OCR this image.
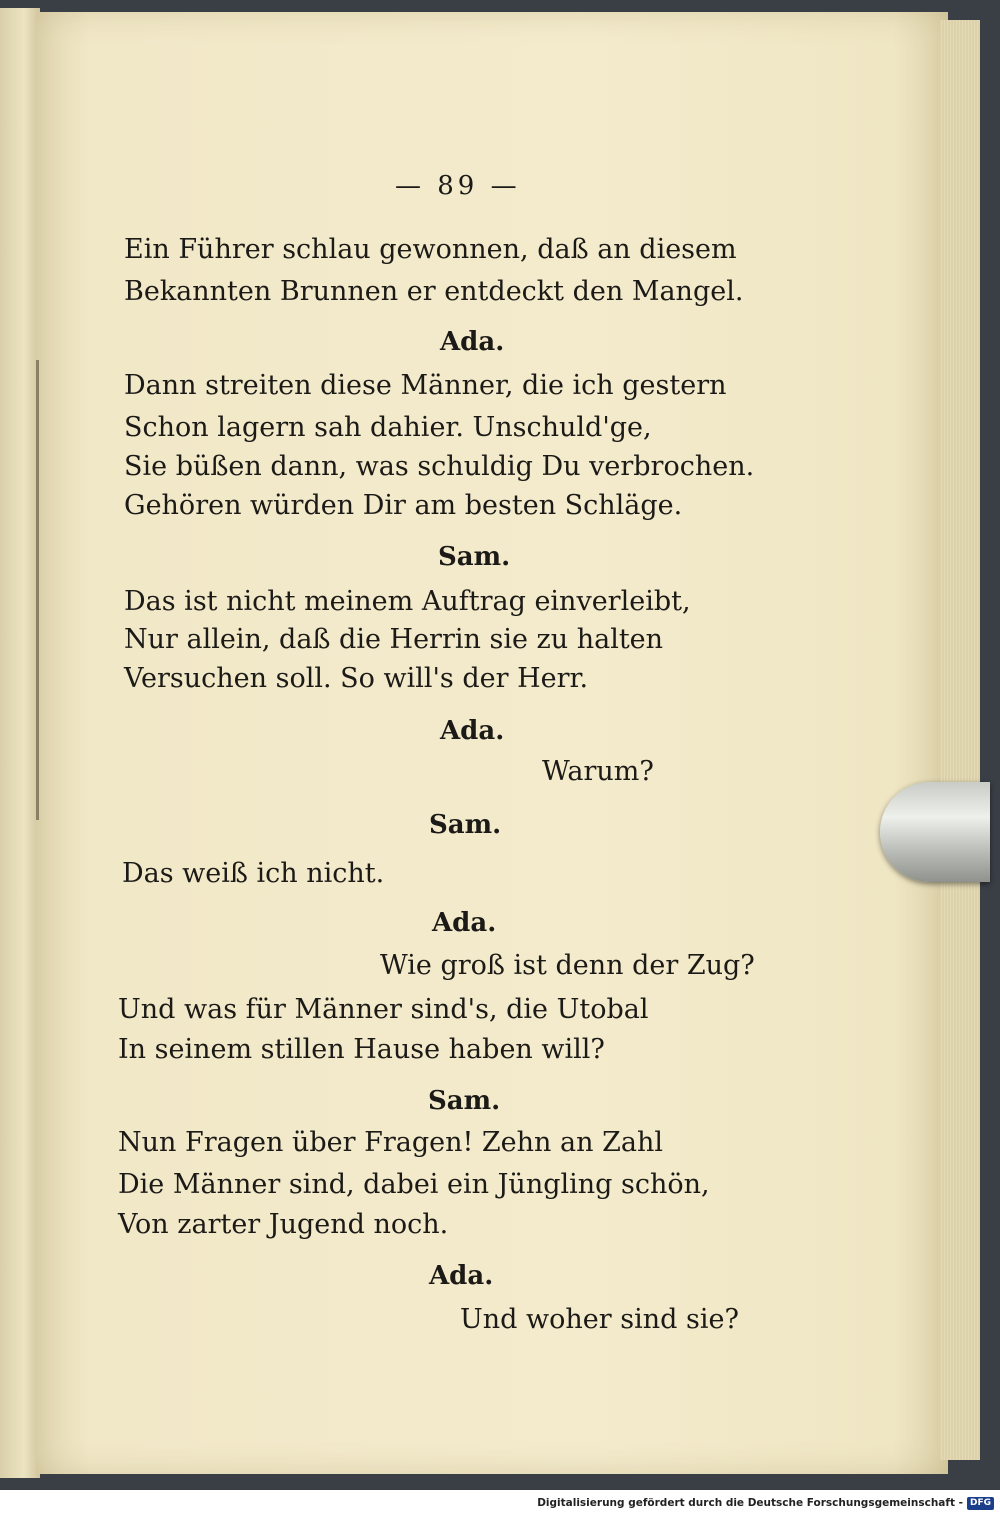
— 89 —
Ein Führer schlau gewonnen, daß an diesem
Bekannten Brunnen er entdeckt den Mangel.
Ada.
Dann streiten diese Männer, die ich gestern
Schon lagern sah dahier. Unschuld'ge,
Sie büßen dann, was schuldig Du verbrochen.
Gehören würden Dir am besten Schläge.
Sam.
Das ist nicht meinem Auftrag einverleibt,
Nur allein, daß die Herrin sie zu halten
Versuchen soll. So will's der Herr.
Ada.
Warum?
Sam.
Das weiß ich nicht.
Ada.
Wie groß ist denn der Zug?
Und was für Männer sind's, die Utobal
In seinem stillen Hause haben will?
Sam.
Nun Fragen über Fragen! Zehn an Zahl
Die Männer sind, dabei ein Jüngling schön,
Von zarter Jugend noch.
Ada.
Und woher sind sie?
Digitalisierung gefördert durch die Deutsche Forschungsgemeinschaft - DFG
